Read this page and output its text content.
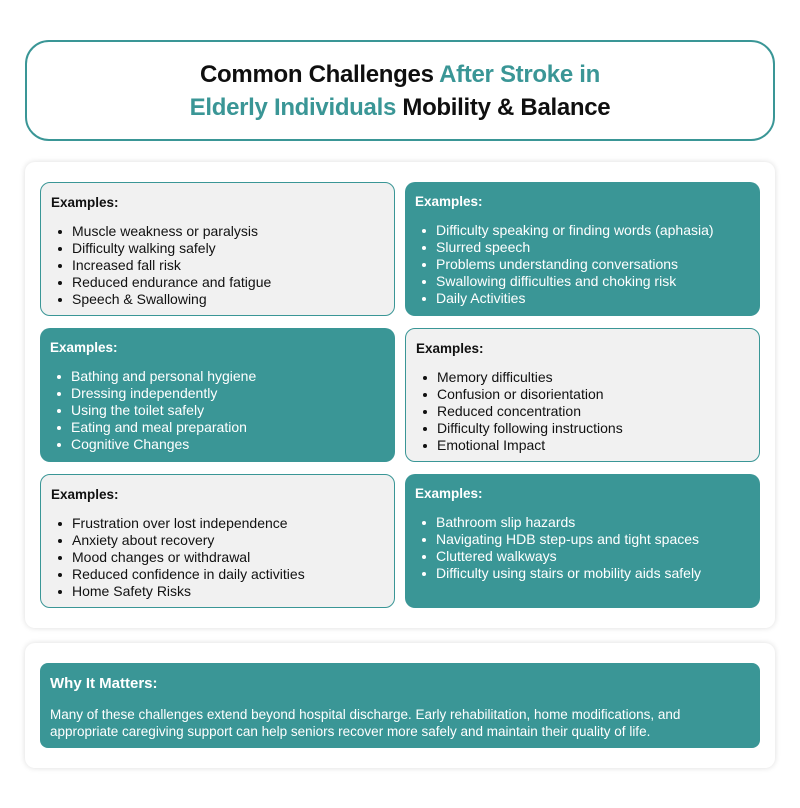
Common Challenges After Stroke in
Elderly Individuals Mobility & Balance
Examples:
Muscle weakness or paralysis
Difficulty walking safely
Increased fall risk
Reduced endurance and fatigue
Speech & Swallowing
Examples:
Difficulty speaking or finding words (aphasia)
Slurred speech
Problems understanding conversations
Swallowing difficulties and choking risk
Daily Activities
Examples:
Bathing and personal hygiene
Dressing independently
Using the toilet safely
Eating and meal preparation
Cognitive Changes
Examples:
Memory difficulties
Confusion or disorientation
Reduced concentration
Difficulty following instructions
Emotional Impact
Examples:
Frustration over lost independence
Anxiety about recovery
Mood changes or withdrawal
Reduced confidence in daily activities
Home Safety Risks
Examples:
Bathroom slip hazards
Navigating HDB step-ups and tight spaces
Cluttered walkways
Difficulty using stairs or mobility aids safely
Why It Matters:
Many of these challenges extend beyond hospital discharge. Early rehabilitation, home modifications, and appropriate caregiving support can help seniors recover more safely and maintain their quality of life.
